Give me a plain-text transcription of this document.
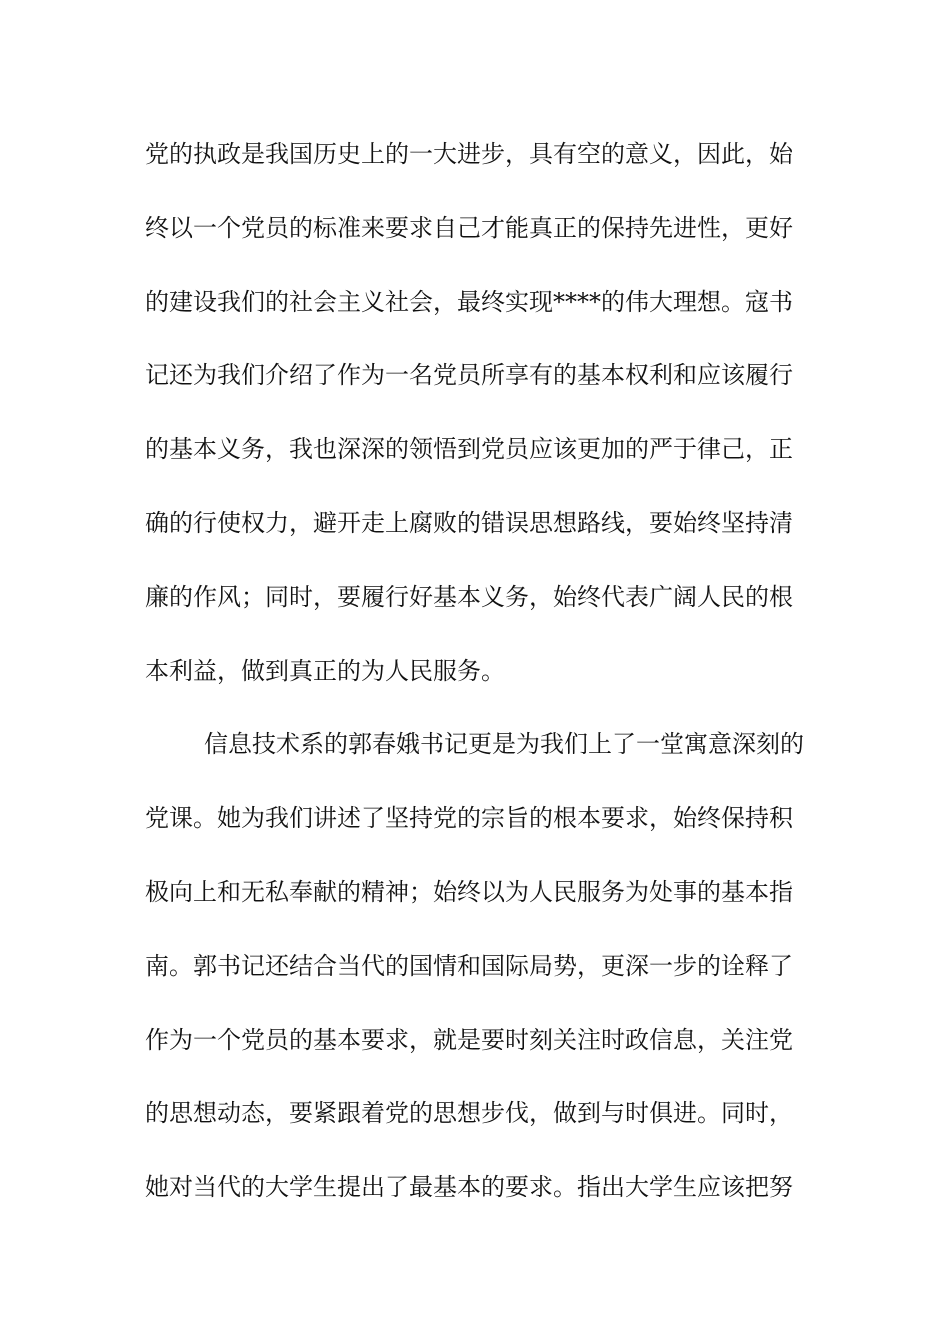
党的执政是我国历史上的一大进步，具有空的意义，因此，始
终以一个党员的标准来要求自己才能真正的保持先进性，更好
的建设我们的社会主义社会，最终实现****的伟大理想。寇书
记还为我们介绍了作为一名党员所享有的基本权利和应该履行
的基本义务，我也深深的领悟到党员应该更加的严于律己，正
确的行使权力，避开走上腐败的错误思想路线，要始终坚持清
廉的作风；同时，要履行好基本义务，始终代表广阔人民的根
本利益，做到真正的为人民服务。
信息技术系的郭春娥书记更是为我们上了一堂寓意深刻的
党课。她为我们讲述了坚持党的宗旨的根本要求，始终保持积
极向上和无私奉献的精神；始终以为人民服务为处事的基本指
南。郭书记还结合当代的国情和国际局势，更深一步的诠释了
作为一个党员的基本要求，就是要时刻关注时政信息，关注党
的思想动态，要紧跟着党的思想步伐，做到与时俱进。同时，
她对当代的大学生提出了最基本的要求。指出大学生应该把努
